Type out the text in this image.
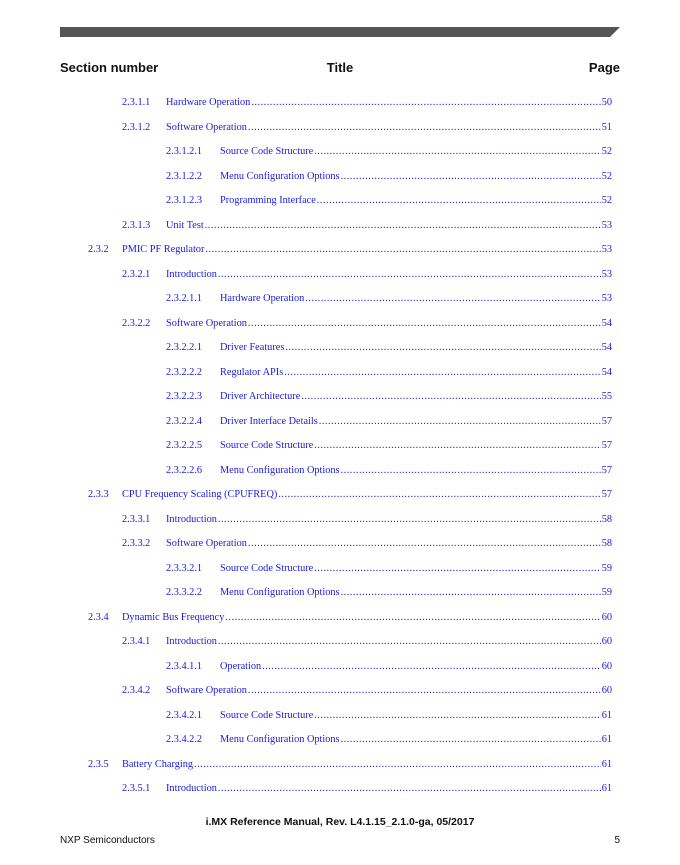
Section number	Title	Page
2.3.1.1 Hardware Operation .....	50
2.3.1.2 Software Operation .....	51
2.3.1.2.1 Source Code Structure .....	52
2.3.1.2.2 Menu Configuration Options .....	52
2.3.1.2.3 Programming Interface .....	52
2.3.1.3 Unit Test .....	53
2.3.2 PMIC PF Regulator .....	53
2.3.2.1 Introduction .....	53
2.3.2.1.1 Hardware Operation .....	53
2.3.2.2 Software Operation .....	54
2.3.2.2.1 Driver Features .....	54
2.3.2.2.2 Regulator APIs .....	54
2.3.2.2.3 Driver Architecture .....	55
2.3.2.2.4 Driver Interface Details .....	57
2.3.2.2.5 Source Code Structure .....	57
2.3.2.2.6 Menu Configuration Options .....	57
2.3.3 CPU Frequency Scaling (CPUFREQ) .....	57
2.3.3.1 Introduction .....	58
2.3.3.2 Software Operation .....	58
2.3.3.2.1 Source Code Structure .....	59
2.3.3.2.2 Menu Configuration Options .....	59
2.3.4 Dynamic Bus Frequency .....	60
2.3.4.1 Introduction .....	60
2.3.4.1.1 Operation .....	60
2.3.4.2 Software Operation .....	60
2.3.4.2.1 Source Code Structure .....	61
2.3.4.2.2 Menu Configuration Options .....	61
2.3.5 Battery Charging .....	61
2.3.5.1 Introduction .....	61
i.MX Reference Manual, Rev. L4.1.15_2.1.0-ga, 05/2017
NXP Semiconductors	5
